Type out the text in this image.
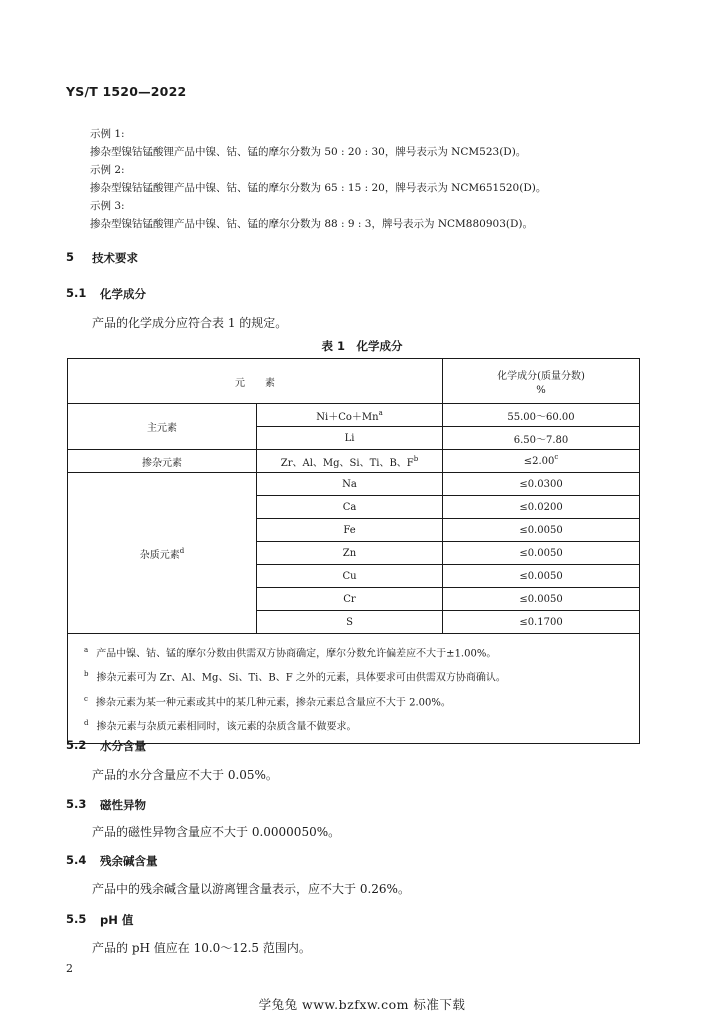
YS/T 1520—2022
示例 1:
掺杂型镍钴锰酸锂产品中镍、钴、锰的摩尔分数为 50 : 20 : 30，牌号表示为 NCM523(D)。
示例 2:
掺杂型镍钴锰酸锂产品中镍、钴、锰的摩尔分数为 65 : 15 : 20，牌号表示为 NCM651520(D)。
示例 3:
掺杂型镍钴锰酸锂产品中镍、钴、锰的摩尔分数为 88 : 9 : 3，牌号表示为 NCM880903(D)。
5 技术要求
5.1 化学成分
产品的化学成分应符合表 1 的规定。
表 1　化学成分
元　　素		化学成分(质量分数)
%

主元素	$Ni+Co+Mn^a$	55.00～60.00
	Li	6.50～7.80
掺杂元素	Zr、Al、Mg、Si、Ti、B、$F^b$	≤2.00$^c$
杂质元素$^d$	Na	≤0.0300
	Ca	≤0.0200
	Fe	≤0.0050
	Zn	≤0.0050
	Cu	≤0.0050
	Cr	≤0.0050
	S	≤0.1700

$^a$ 产品中镍、钴、锰的摩尔分数由供需双方协商确定，摩尔分数允许偏差应不大于±1.00%。
$^b$ 掺杂元素可为 Zr、Al、Mg、Si、Ti、B、F 之外的元素，具体要求可由供需双方协商确认。
$^c$ 掺杂元素为某一种元素或其中的某几种元素，掺杂元素总含量应不大于 2.00%。
$^d$ 掺杂元素与杂质元素相同时，该元素的杂质含量不做要求。		
5.2 水分含量
产品的水分含量应不大于 0.05%。
5.3 磁性异物
产品的磁性异物含量应不大于 0.0000050%。
5.4 残余碱含量
产品中的残余碱含量以游离锂含量表示，应不大于 0.26%。
5.5 pH 值
产品的 pH 值应在 10.0～12.5 范围内。
2
学兔兔 www.bzfxw.com 标准下载
